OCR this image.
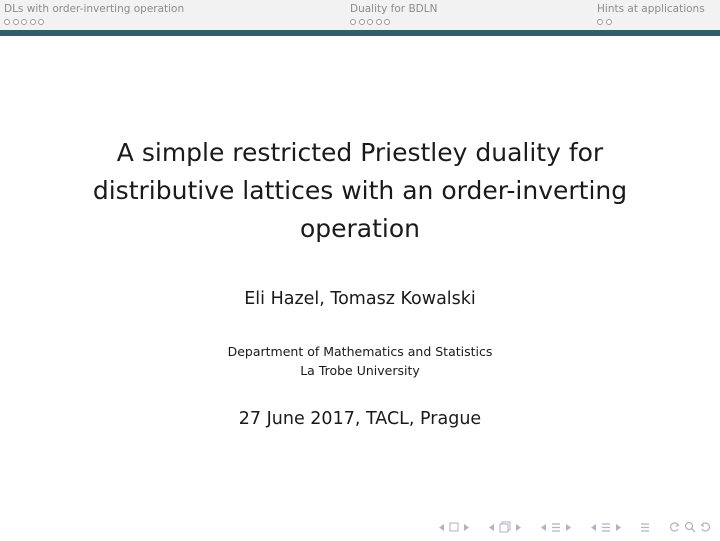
DLs with order-inverting operation	Duality for BDLN	Hints at applications
A simple restricted Priestley duality for distributive lattices with an order-inverting operation
Eli Hazel, Tomasz Kowalski
Department of Mathematics and Statistics
La Trobe University
27 June 2017, TACL, Prague
